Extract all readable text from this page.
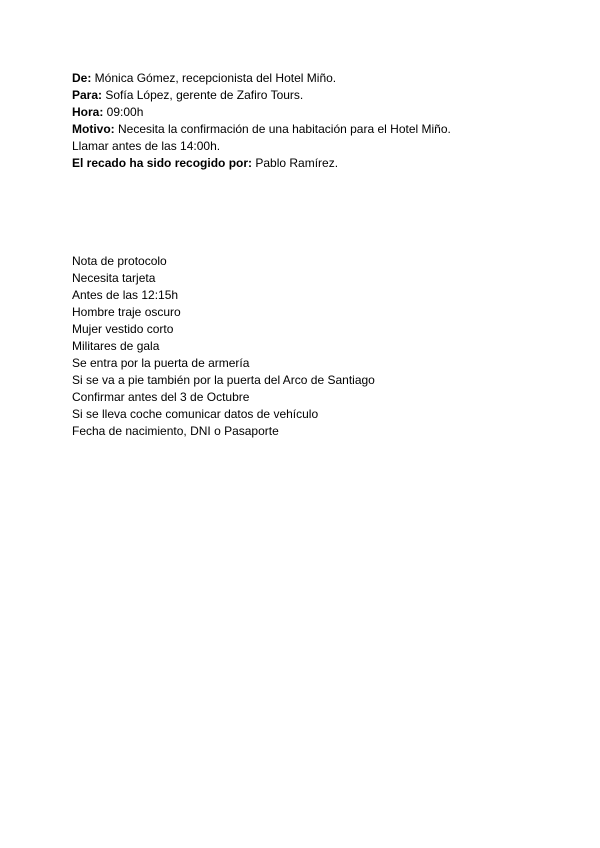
De: Mónica Gómez, recepcionista del Hotel Miño.

Para: Sofía López, gerente de Zafiro Tours.

Hora: 09:00h

Motivo: Necesita la confirmación de una habitación para el Hotel Miño.

Llamar antes de las 14:00h.

El recado ha sido recogido por: Pablo Ramírez.

Nota de protocolo

Necesita tarjeta

Antes de las 12:15h

Hombre traje oscuro

Mujer vestido corto

Militares de gala

Se entra por la puerta de armería

Si se va a pie también por la puerta del Arco de Santiago

Confirmar antes del 3 de Octubre

Si se lleva coche comunicar datos de vehículo

Fecha de nacimiento, DNI o Pasaporte
